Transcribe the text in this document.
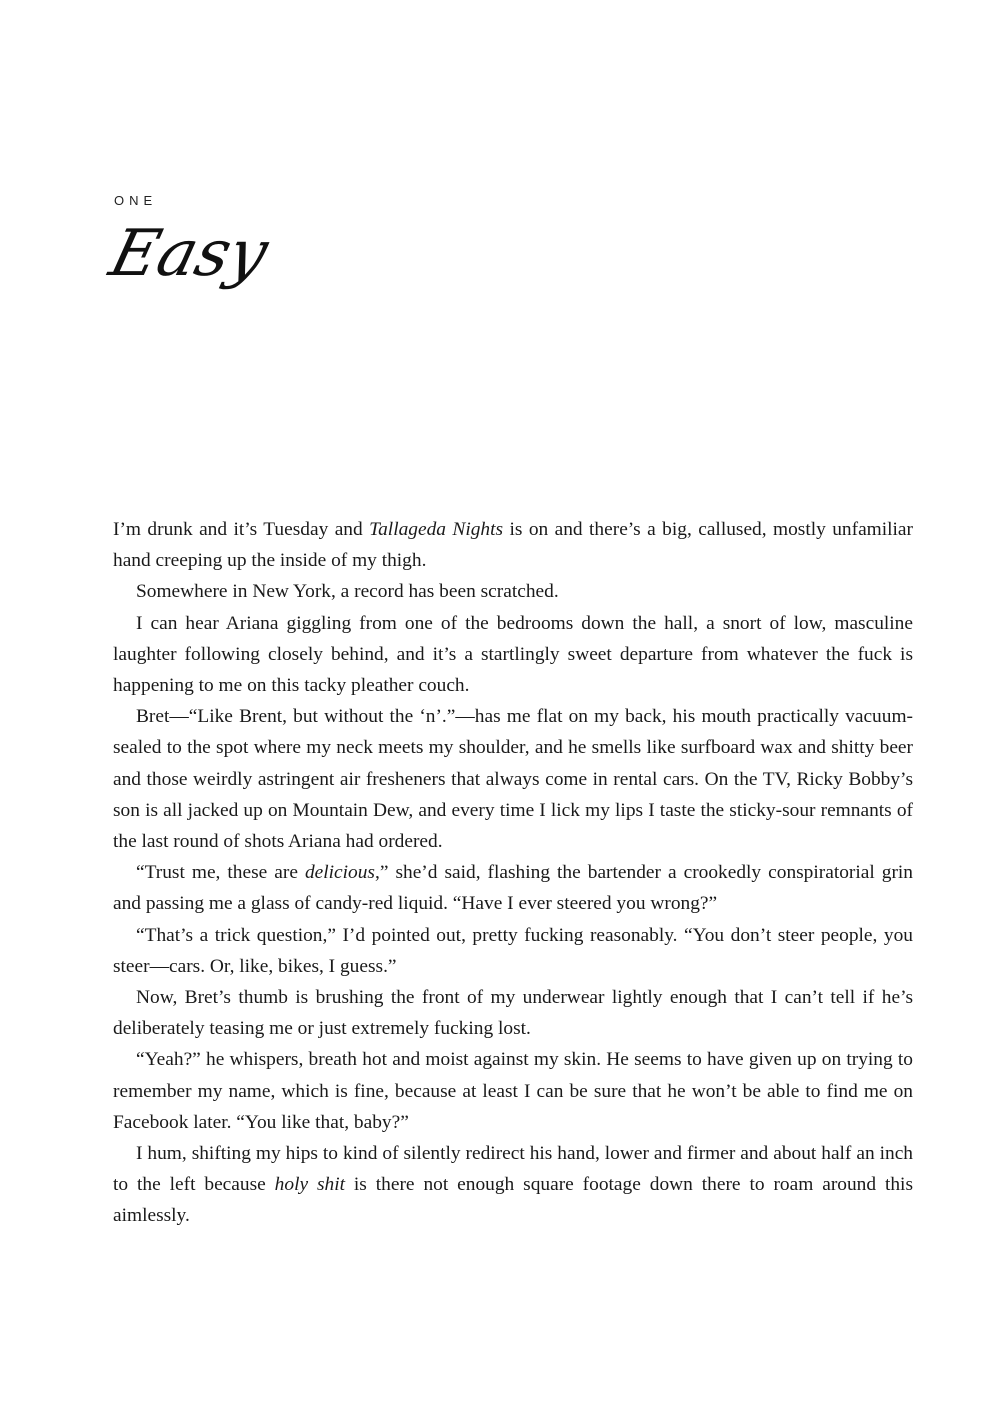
ONE
Easy

I’m drunk and it’s Tuesday and Tallageda Nights is on and there’s a big, callused, mostly unfamiliar hand creeping up the inside of my thigh.

Somewhere in New York, a record has been scratched.

I can hear Ariana giggling from one of the bedrooms down the hall, a snort of low, masculine laughter following closely behind, and it’s a startlingly sweet departure from whatever the fuck is happening to me on this tacky pleather couch.

Bret—“Like Brent, but without the ‘n’.”—has me flat on my back, his mouth practically vacuum-sealed to the spot where my neck meets my shoulder, and he smells like surfboard wax and shitty beer and those weirdly astringent air fresheners that always come in rental cars. On the TV, Ricky Bobby’s son is all jacked up on Mountain Dew, and every time I lick my lips I taste the sticky-sour remnants of the last round of shots Ariana had ordered.

“Trust me, these are delicious,” she’d said, flashing the bartender a crookedly conspiratorial grin and passing me a glass of candy-red liquid. “Have I ever steered you wrong?”

“That’s a trick question,” I’d pointed out, pretty fucking reasonably. “You don’t steer people, you steer—cars. Or, like, bikes, I guess.”

Now, Bret’s thumb is brushing the front of my underwear lightly enough that I can’t tell if he’s deliberately teasing me or just extremely fucking lost.

“Yeah?” he whispers, breath hot and moist against my skin. He seems to have given up on trying to remember my name, which is fine, because at least I can be sure that he won’t be able to find me on Facebook later. “You like that, baby?”

I hum, shifting my hips to kind of silently redirect his hand, lower and firmer and about half an inch to the left because holy shit is there not enough square footage down there to roam around this aimlessly.
